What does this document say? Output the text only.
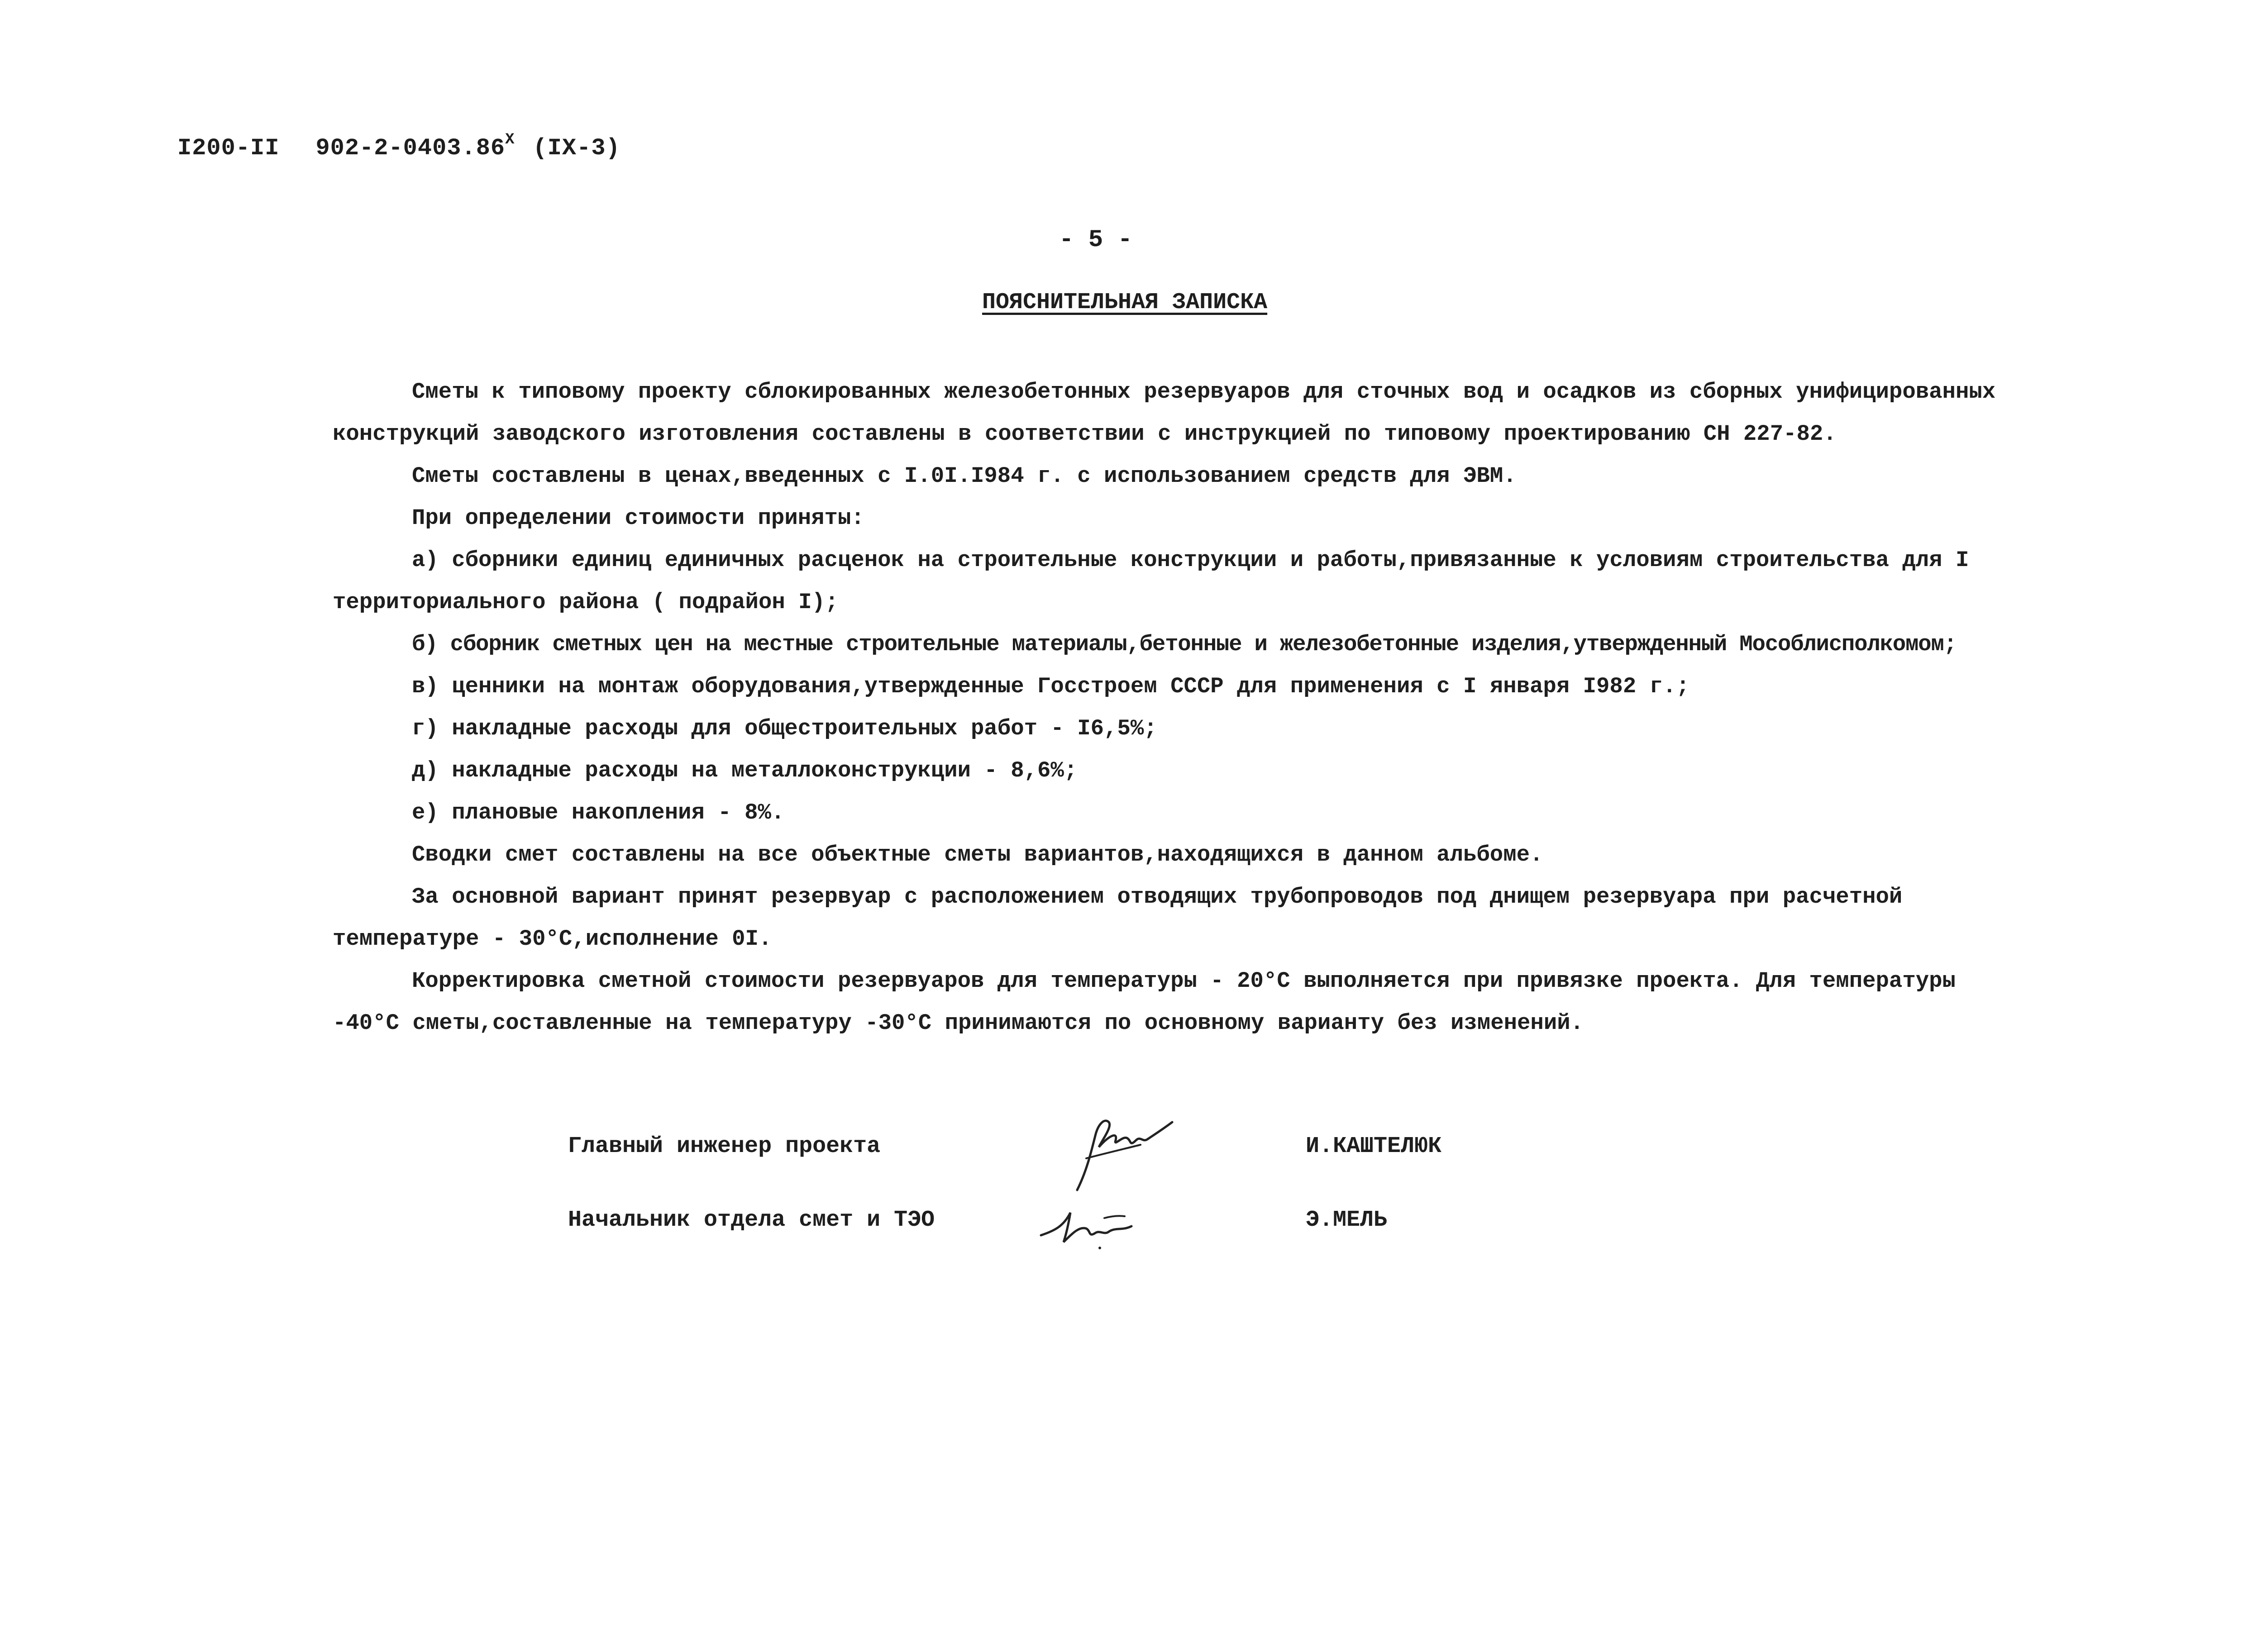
I200-II $902-2-0403.86^X$ (IX-3)
- 5 -
ПОЯСНИТЕЛЬНАЯ ЗАПИСКА

Сметы к типовому проекту сблокированных железобетонных резервуаров для сточных вод и осадков из сборных унифицированных конструкций заводского изготовления составлены в соответствии с инструкцией по типовому проектированию СН 227-82.

Сметы составлены в ценах,введенных с I.0I.I984 г. с использованием средств для ЭВМ.

При определении стоимости приняты:

а) сборники единиц единичных расценок на строительные конструкции и работы,привязанные к условиям строительства для I территориального района ( подрайон I);

б) сборник сметных цен на местные строительные материалы,бетонные и железобетонные изделия,утвержденный Мособлисполкомом;

в) ценники на монтаж оборудования,утвержденные Госстроем СССР для применения с I января I982 г.;

г) накладные расходы для общестроительных работ - I6,5%;

д) накладные расходы на металлоконструкции - 8,6%;

е) плановые накопления - 8%.

Сводки смет составлены на все объектные сметы вариантов,находящихся в данном альбоме.

За основной вариант принят резервуар с расположением отводящих трубопроводов под днищем резервуара при расчетной температуре - 30°С,исполнение 0I.

Корректировка сметной стоимости резервуаров для температуры - 20°С выполняется при привязке проекта. Для температуры -40°С сметы,составленные на температуру -30°С принимаются по основному варианту без изменений.

Главный инженер проекта	И.КАШТЕЛЮК
Начальник отдела смет и ТЭО	Э.МЕЛЬ
